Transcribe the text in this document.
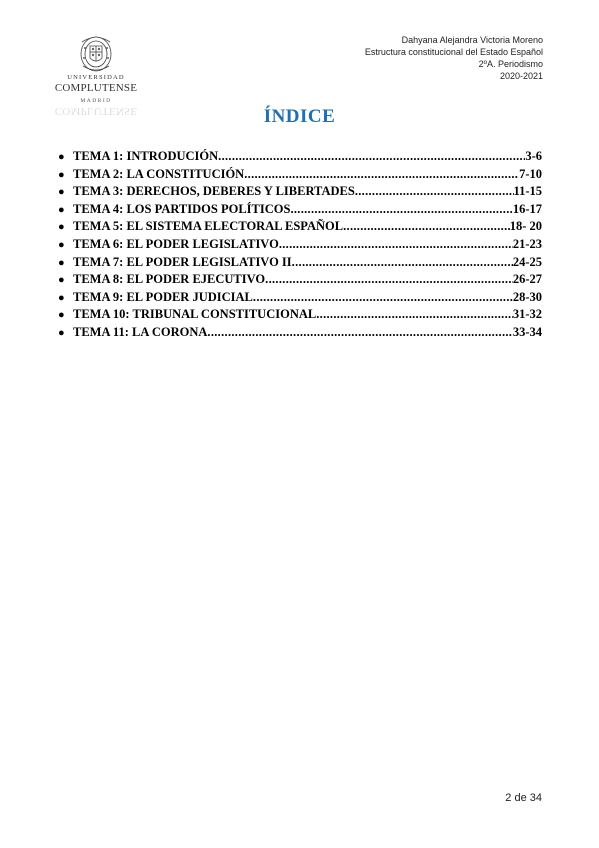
UNIVERSIDAD
COMPLUTENSE
MADRID
COMPLUTENSE
Dahyana Alejandra Victoria Moreno
Estructura constitucional del Estado Español
2ºA. Periodismo
2020-2021
ÍNDICE
● TEMA 1: INTRODUCIÓN .....	3-6
● TEMA 2: LA CONSTITUCIÓN .....	7-10
● TEMA 3: DERECHOS, DEBERES Y LIBERTADES .....	11-15
● TEMA 4: LOS PARTIDOS POLÍTICOS .....	16-17
● TEMA 5: EL SISTEMA ELECTORAL ESPAÑOL .....	18- 20
● TEMA 6: EL PODER LEGISLATIVO .....	21-23
● TEMA 7: EL PODER LEGISLATIVO II .....	24-25
● TEMA 8: EL PODER EJECUTIVO .....	26-27
● TEMA 9: EL PODER JUDICIAL .....	28-30
● TEMA 10: TRIBUNAL CONSTITUCIONAL .....	31-32
● TEMA 11: LA CORONA .....	33-34
2 de 34
